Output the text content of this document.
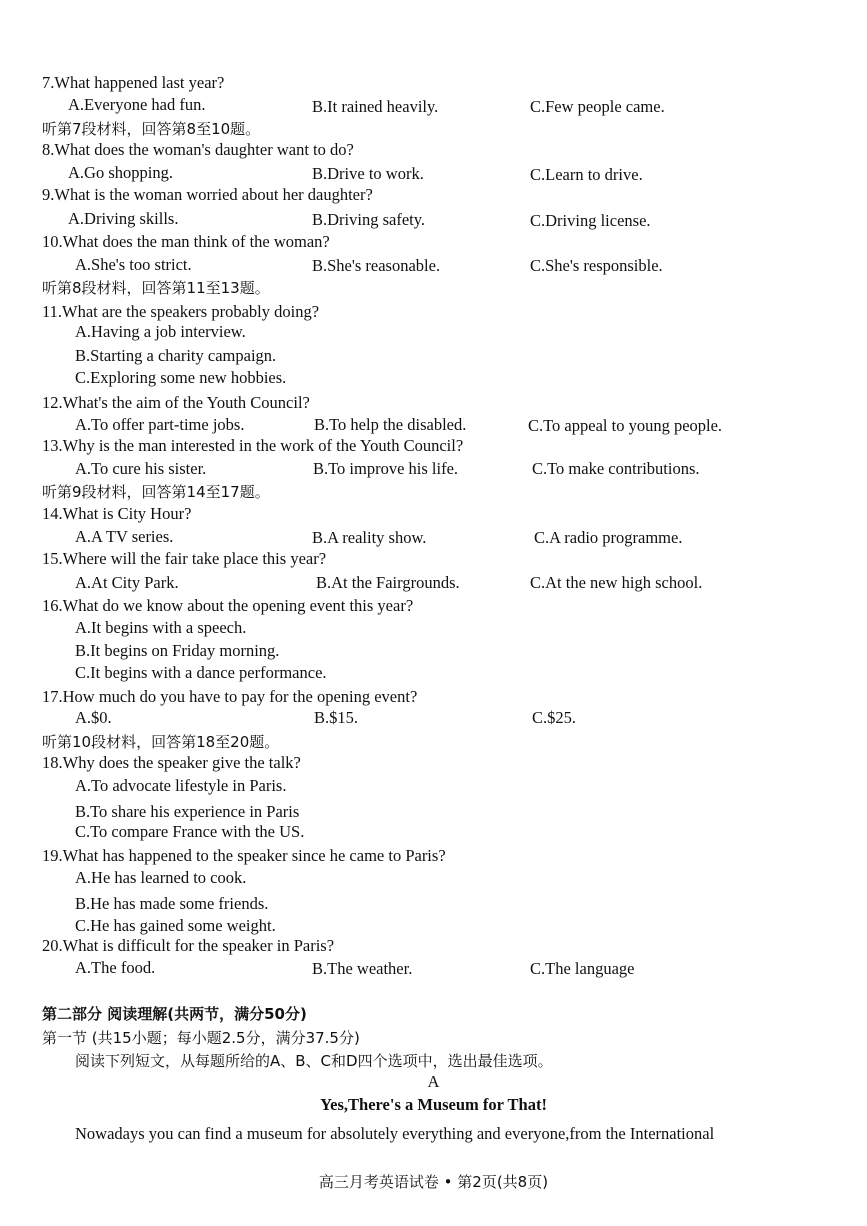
7.What happened last year?
A.Everyone had fun.	B.It rained heavily.	C.Few people came.
听第7段材料，回答第8至10题。
8.What does the woman's daughter want to do?
A.Go shopping.	B.Drive to work.	C.Learn to drive.
9.What is the woman worried about her daughter?
A.Driving skills.	B.Driving safety.	C.Driving license.
10.What does the man think of the woman?
A.She's too strict.	B.She's reasonable.	C.She's responsible.
听第8段材料，回答第11至13题。
11.What are the speakers probably doing?
A.Having a job interview.
B.Starting a charity campaign.
C.Exploring some new hobbies.
12.What's the aim of the Youth Council?
A.To offer part-time jobs.	B.To help the disabled.	C.To appeal to young people.
13.Why is the man interested in the work of the Youth Council?
A.To cure his sister.	B.To improve his life.	C.To make contributions.
听第9段材料，回答第14至17题。
14.What is City Hour?
A.A TV series.	B.A reality show.	C.A radio programme.
15.Where will the fair take place this year?
A.At City Park.	B.At the Fairgrounds.	C.At the new high school.
16.What do we know about the opening event this year?
A.It begins with a speech.
B.It begins on Friday morning.
C.It begins with a dance performance.
17.How much do you have to pay for the opening event?
A.$0.	B.$15.	C.$25.
听第10段材料，回答第18至20题。
18.Why does the speaker give the talk?
A.To advocate lifestyle in Paris.
B.To share his experience in Paris
C.To compare France with the US.
19.What has happened to the speaker since he came to Paris?
A.He has learned to cook.
B.He has made some friends.
C.He has gained some weight.
20.What is difficult for the speaker in Paris?
A.The food.	B.The weather.	C.The language
第二部分 阅读理解(共两节，满分50分)
第一节 (共15小题；每小题2.5分，满分37.5分)
阅读下列短文，从每题所给的A、B、C和D四个选项中，选出最佳选项。
A
Yes,There's a Museum for That!
Nowadays you can find a museum for absolutely everything and everyone,from the International
高三月考英语试卷 • 第2页(共8页)
